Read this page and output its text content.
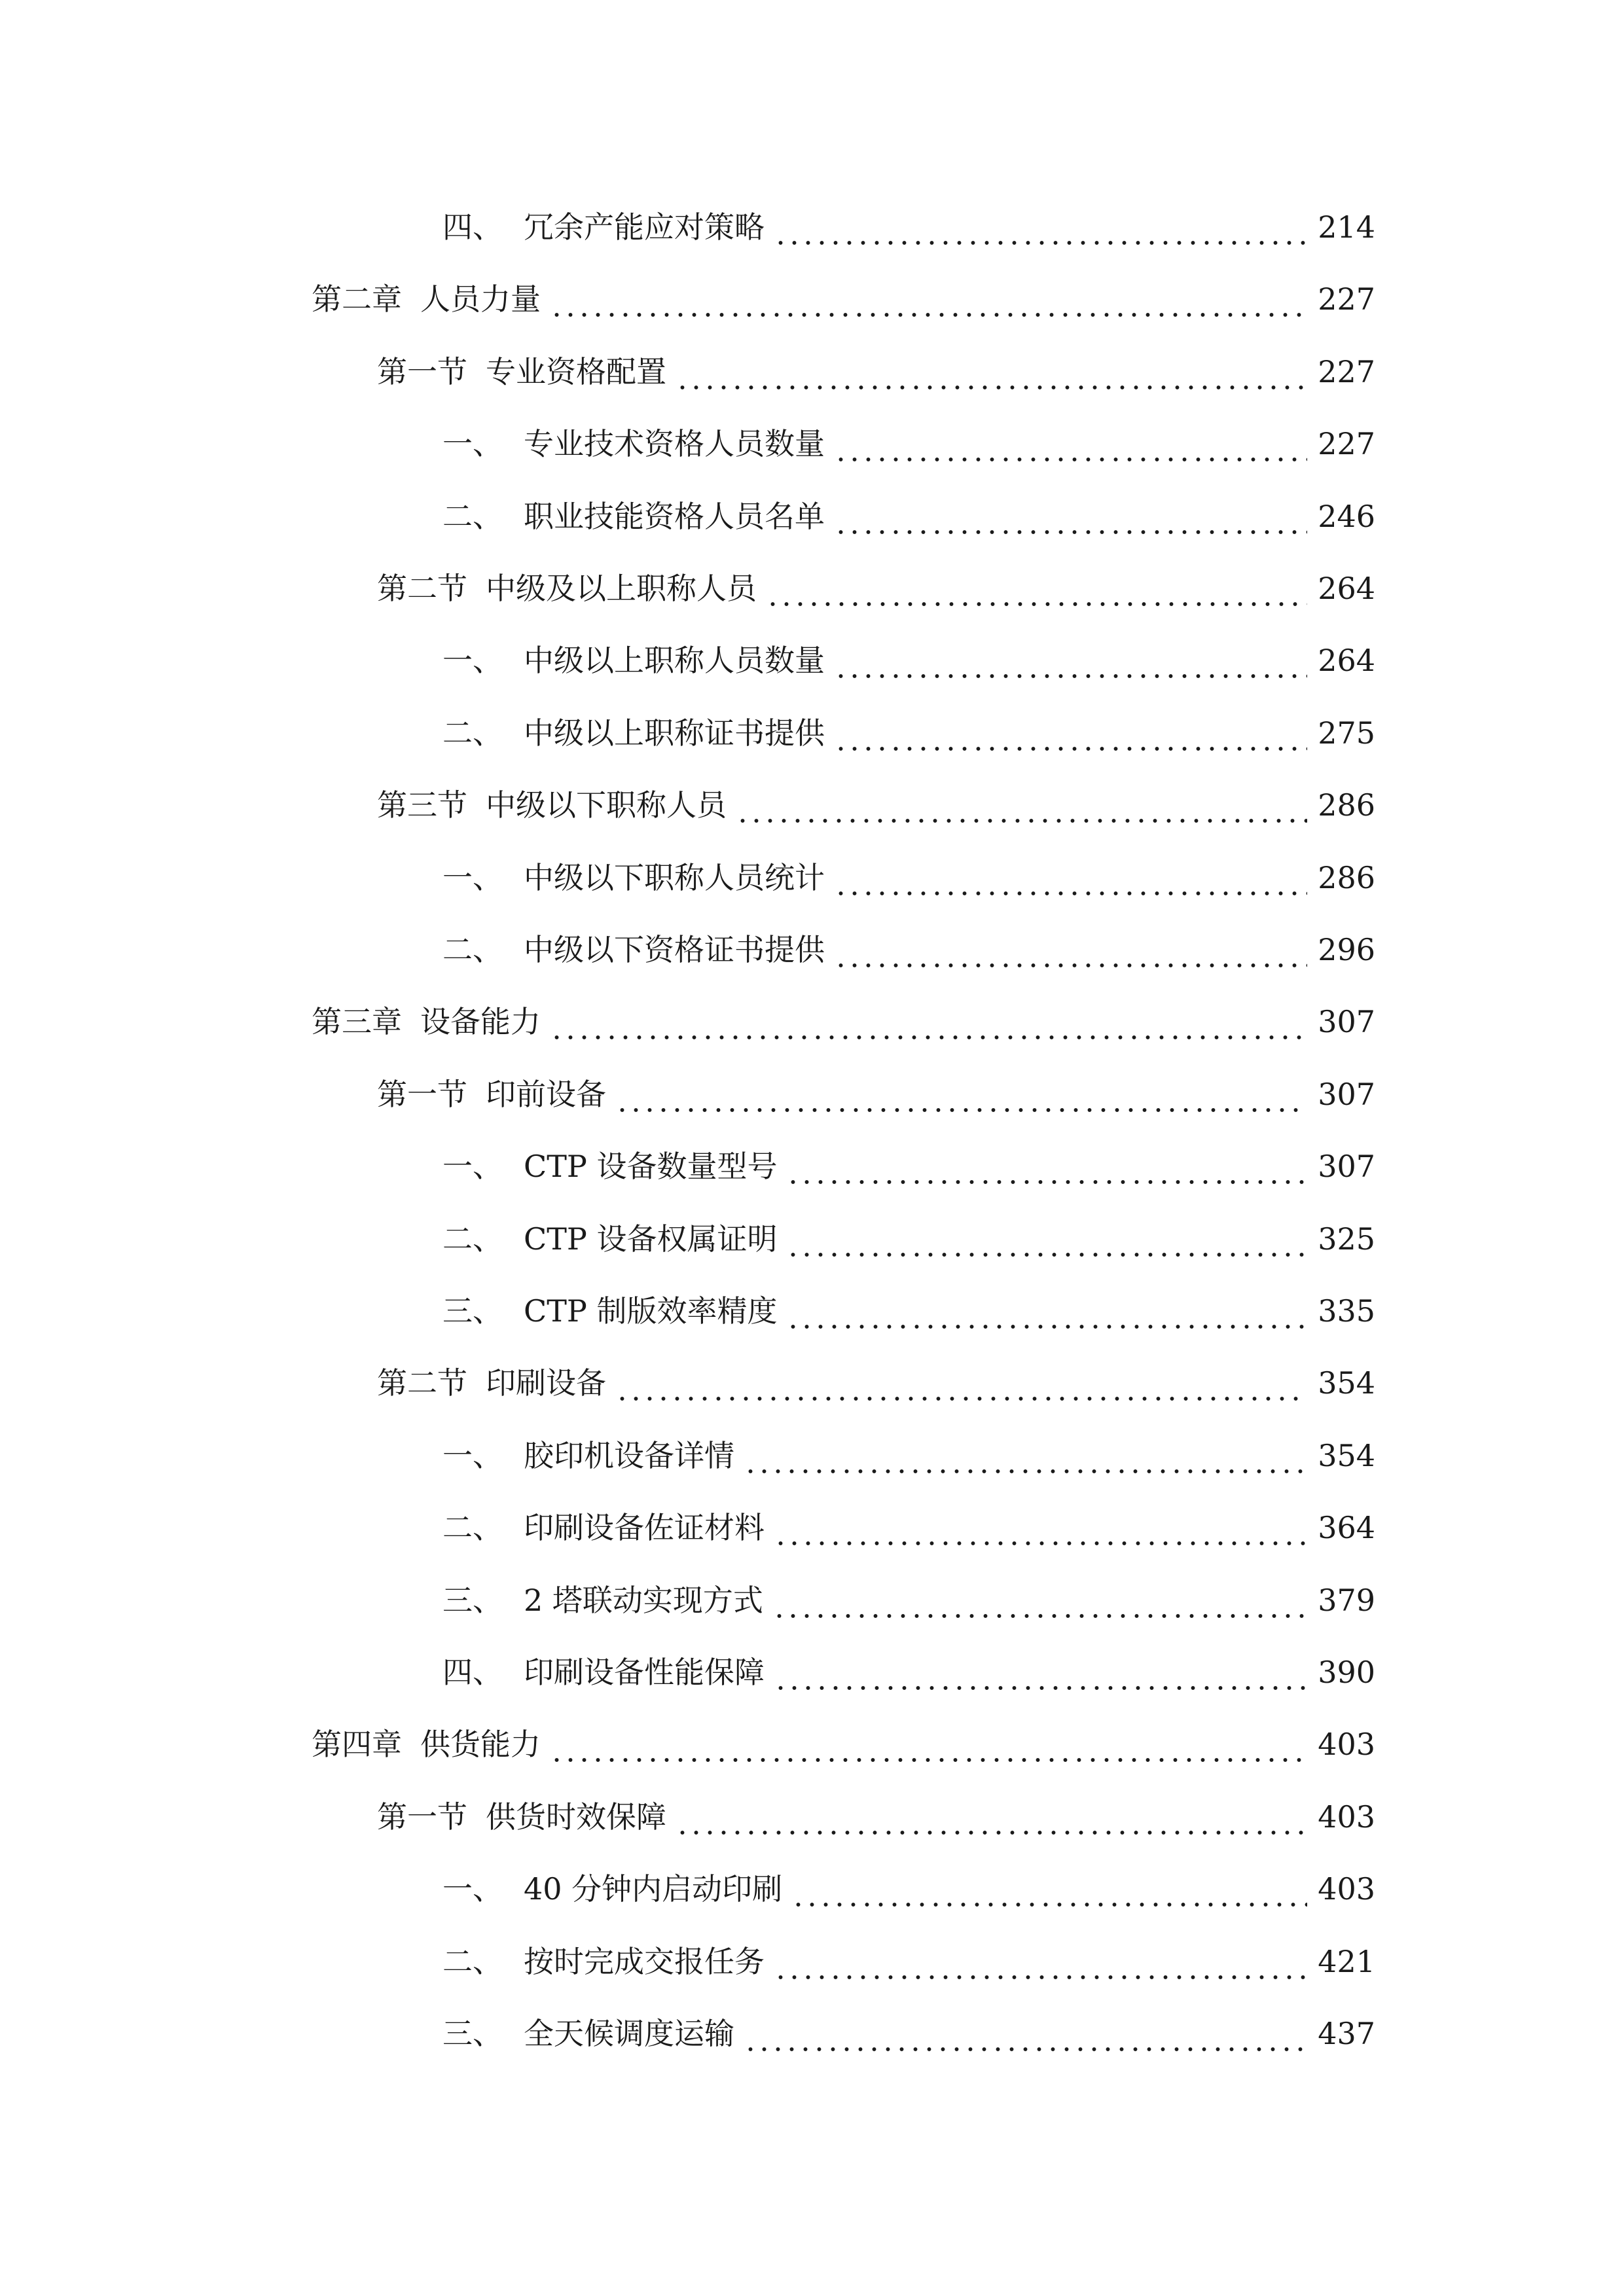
四、 冗余产能应对策略	214
第二章 人员力量	227
第一节 专业资格配置	227
一、 专业技术资格人员数量	227
二、 职业技能资格人员名单	246
第二节 中级及以上职称人员	264
一、 中级以上职称人员数量	264
二、 中级以上职称证书提供	275
第三节 中级以下职称人员	286
一、 中级以下职称人员统计	286
二、 中级以下资格证书提供	296
第三章 设备能力	307
第一节 印前设备	307
一、 CTP 设备数量型号	307
二、 CTP 设备权属证明	325
三、 CTP 制版效率精度	335
第二节 印刷设备	354
一、 胶印机设备详情	354
二、 印刷设备佐证材料	364
三、 2 塔联动实现方式	379
四、 印刷设备性能保障	390
第四章 供货能力	403
第一节 供货时效保障	403
一、 40 分钟内启动印刷	403
二、 按时完成交报任务	421
三、 全天候调度运输	437
